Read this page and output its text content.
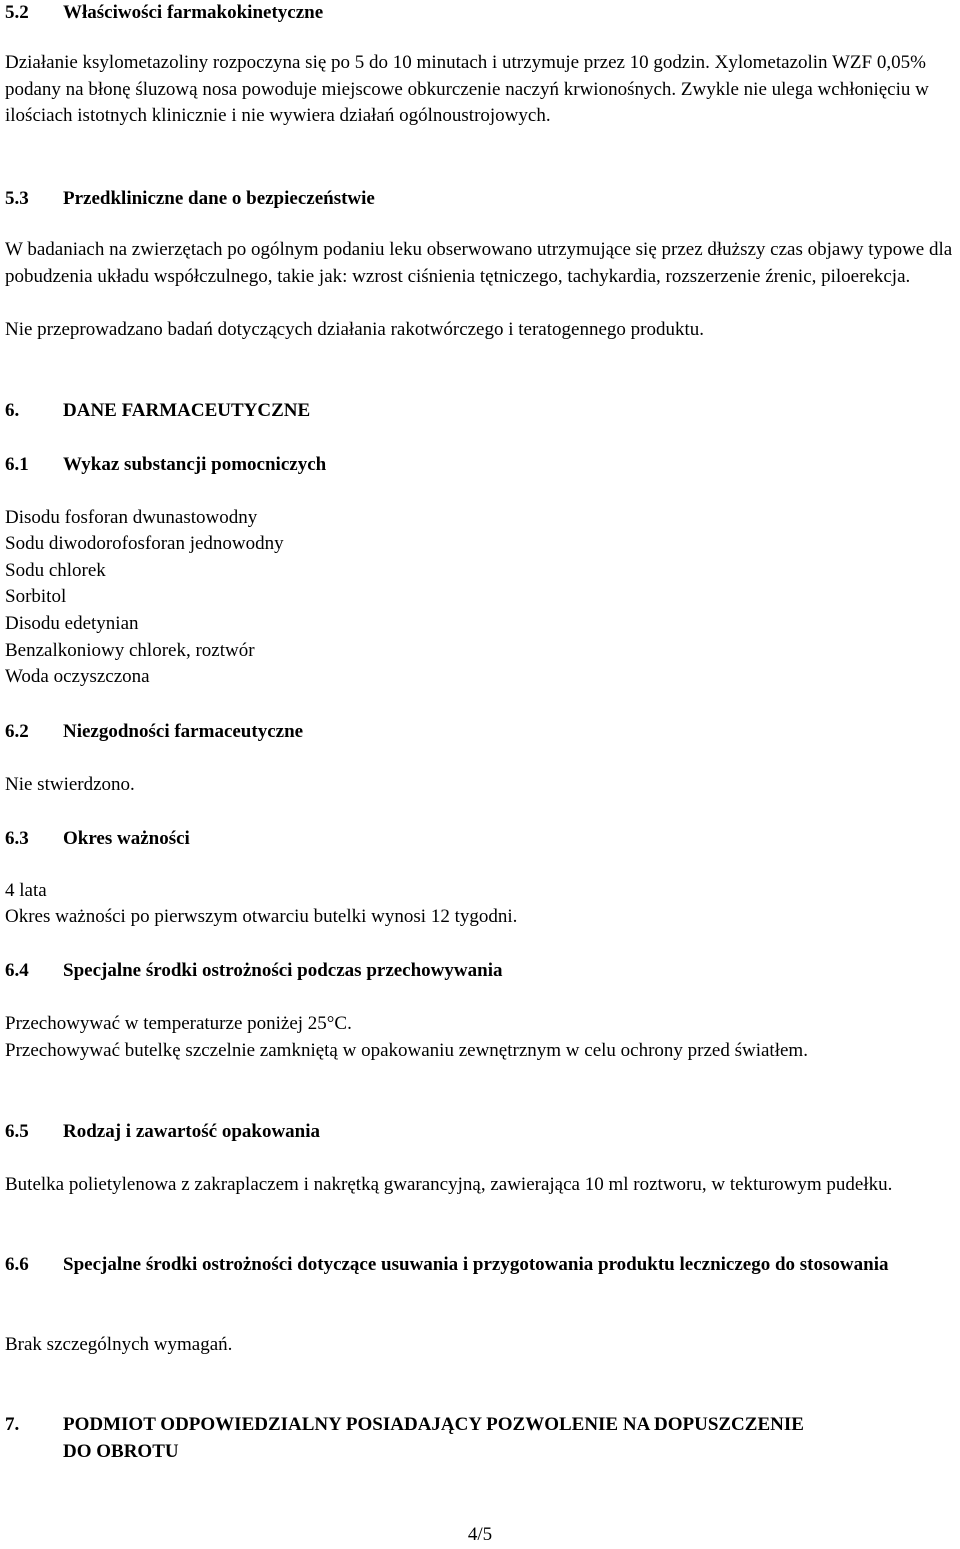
5.2 Właściwości farmakokinetyczne
Działanie ksylometazoliny rozpoczyna się po 5 do 10 minutach i utrzymuje przez 10 godzin. Xylometazolin WZF 0,05% podany na błonę śluzową nosa powoduje miejscowe obkurczenie naczyń krwionośnych. Zwykle nie ulega wchłonięciu w ilościach istotnych klinicznie i nie wywiera działań ogólnoustrojowych.
5.3 Przedkliniczne dane o bezpieczeństwie
W badaniach na zwierzętach po ogólnym podaniu leku obserwowano utrzymujące się przez dłuższy czas objawy typowe dla pobudzenia układu współczulnego, takie jak: wzrost ciśnienia tętniczego, tachykardia, rozszerzenie źrenic, piloerekcja.
Nie przeprowadzano badań dotyczących działania rakotwórczego i teratogennego produktu.
6. DANE FARMACEUTYCZNE
6.1 Wykaz substancji pomocniczych
Disodu fosforan dwunastowodny
Sodu diwodorofosforan jednowodny
Sodu chlorek
Sorbitol
Disodu edetynian
Benzalkoniowy chlorek, roztwór
Woda oczyszczona
6.2 Niezgodności farmaceutyczne
Nie stwierdzono.
6.3 Okres ważności
4 lata
Okres ważności po pierwszym otwarciu butelki wynosi 12 tygodni.
6.4 Specjalne środki ostrożności podczas przechowywania
Przechowywać w temperaturze poniżej 25°C.
Przechowywać butelkę szczelnie zamkniętą w opakowaniu zewnętrznym w celu ochrony przed światłem.
6.5 Rodzaj i zawartość opakowania
Butelka polietylenowa z zakraplaczem i nakrętką gwarancyjną, zawierająca 10 ml roztworu, w tekturowym pudełku.
6.6 Specjalne środki ostrożności dotyczące usuwania i przygotowania produktu leczniczego do stosowania
Brak szczególnych wymagań.
7. PODMIOT ODPOWIEDZIALNY POSIADAJĄCY POZWOLENIE NA DOPUSZCZENIE DO OBROTU
4/5
